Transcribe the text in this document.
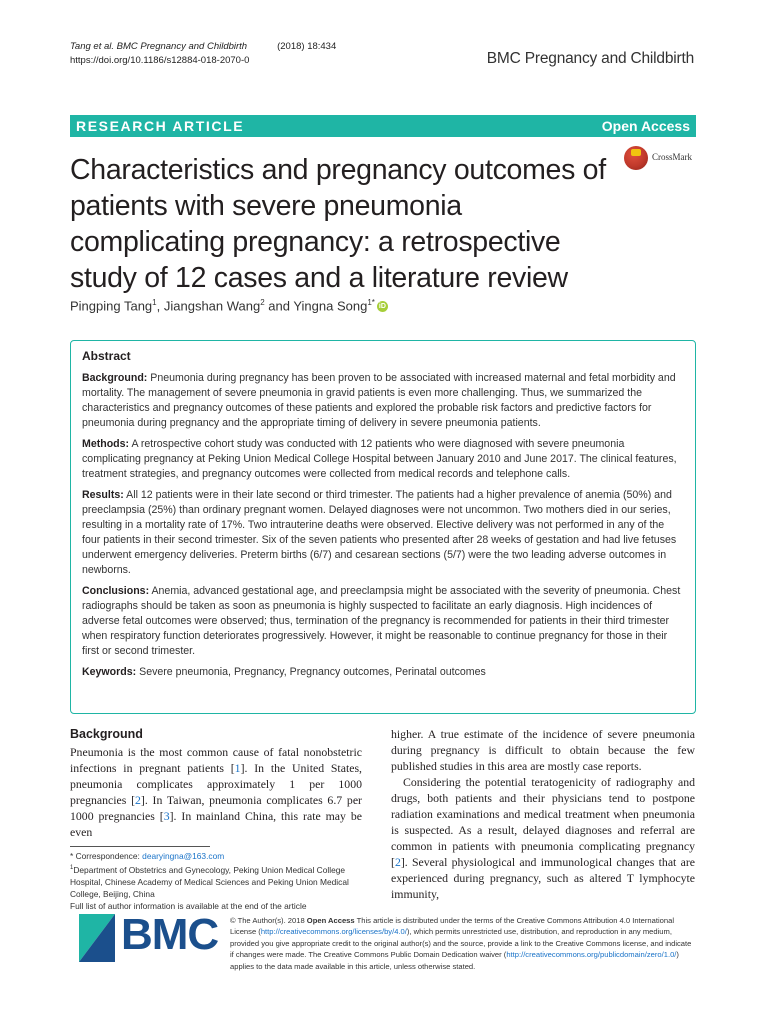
Tang et al. BMC Pregnancy and Childbirth	(2018) 18:434
https://doi.org/10.1186/s12884-018-2070-0	BMC Pregnancy and Childbirth
RESEARCH ARTICLE	Open Access
Characteristics and pregnancy outcomes of patients with severe pneumonia complicating pregnancy: a retrospective study of 12 cases and a literature review
CrossMark
Pingping Tang$^1$, Jiangshan Wang$^2$ and Yingna Song$^{1*}$ iD
Abstract

Background: Pneumonia during pregnancy has been proven to be associated with increased maternal and fetal morbidity and mortality. The management of severe pneumonia in gravid patients is even more challenging. Thus, we summarized the characteristics and pregnancy outcomes of these patients and explored the probable risk factors and predictive factors for pneumonia during pregnancy and the appropriate timing of delivery in severe pneumonia patients.

Methods: A retrospective cohort study was conducted with 12 patients who were diagnosed with severe pneumonia complicating pregnancy at Peking Union Medical College Hospital between January 2010 and June 2017. The clinical features, treatment strategies, and pregnancy outcomes were collected from medical records and telephone calls.

Results: All 12 patients were in their late second or third trimester. The patients had a higher prevalence of anemia (50%) and preeclampsia (25%) than ordinary pregnant women. Delayed diagnoses were not uncommon. Two mothers died in our series, resulting in a mortality rate of 17%. Two intrauterine deaths were observed. Elective delivery was not performed in any of the four patients in their second trimester. Six of the seven patients who presented after 28 weeks of gestation and had live fetuses underwent emergency deliveries. Preterm births (6/7) and cesarean sections (5/7) were the two leading adverse outcomes in newborns.

Conclusions: Anemia, advanced gestational age, and preeclampsia might be associated with the severity of pneumonia. Chest radiographs should be taken as soon as pneumonia is highly suspected to facilitate an early diagnosis. High incidences of adverse fetal outcomes were observed; thus, termination of the pregnancy is recommended for patients in their third trimester when respiratory function deteriorates progressively. However, it might be reasonable to continue pregnancy for those in their first or second trimester.

Keywords: Severe pneumonia, Pregnancy, Pregnancy outcomes, Perinatal outcomes

Background

Pneumonia is the most common cause of fatal nonobstetric infections in pregnant patients [1]. In the United States, pneumonia complicates approximately 1 per 1000 pregnancies [2]. In Taiwan, pneumonia complicates 6.7 per 1000 pregnancies [3]. In mainland China, this rate may be even

higher. A true estimate of the incidence of severe pneumonia during pregnancy is difficult to obtain because the few published studies in this area are mostly case reports.

Considering the potential teratogenicity of radiography and drugs, both patients and their physicians tend to postpone radiation examinations and medical treatment when pneumonia is suspected. As a result, delayed diagnoses and referral are common in patients with pneumonia complicating pregnancy [2]. Several physiological and immunological changes that are experienced during pregnancy, such as altered T lymphocyte immunity,

* Correspondence: dearyingna@163.com
$^1$Department of Obstetrics and Gynecology, Peking Union Medical College Hospital, Chinese Academy of Medical Sciences and Peking Union Medical College, Beijing, China
Full list of author information is available at the end of the article
BMC © The Author(s). 2018 Open Access This article is distributed under the terms of the Creative Commons Attribution 4.0 International License (http://creativecommons.org/licenses/by/4.0/), which permits unrestricted use, distribution, and reproduction in any medium, provided you give appropriate credit to the original author(s) and the source, provide a link to the Creative Commons license, and indicate if changes were made. The Creative Commons Public Domain Dedication waiver (http://creativecommons.org/publicdomain/zero/1.0/) applies to the data made available in this article, unless otherwise stated.
